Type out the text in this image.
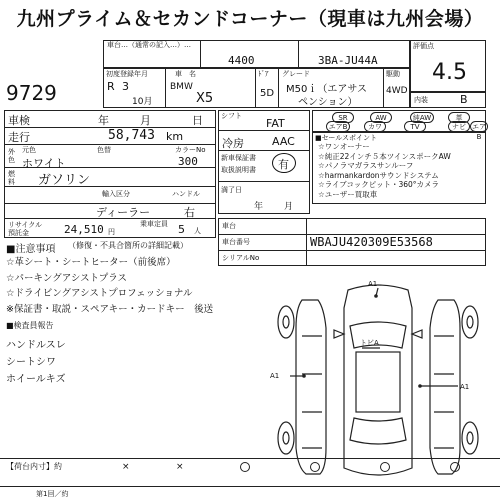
九州プライム＆セカンドコーナー（現車は九州会場）
車台…（通常の記入…）…
4400	3BA-JU44A
評価点
4.5
9729
初度登録年月
R 3
10月
車　名
BMW
X5
ﾄﾞｱ
5D
グレード
M50ｉ（エアサス
ペンション）
駆動
4WD
内装	B
車検	年	月	日
走行	58,743 km
外色
元色	色替
ホワイト
カラーNo
300
燃料 ガソリン
輸入区分	ハンドル
ディーラー	右
リサイクル預託金	24,510 円
乗車定員 5 人
シフト
FAT
冷房	AAC
新車保証書
取扱説明書 有
満了日
年 月
SR	AW	純AW	革
エアB	カワ	TV	ナビ エアB
■セールスポイント
☆ワンオーナー
☆純正22インチ５本ツインスポークAW
☆パノラマガラスサンルーフ
☆harmankardonサウンドシステム
☆ライブコックピット・360°カメラ
☆ユーザー買取車
車台
車台番号	WBAJU420309E53568
シリアルNo
■注意事項 （修復・不具合箇所の詳細記載）
☆革シート・シートヒーター（前後席）
☆パーキングアシストプラス
☆ドライビングアシストプロフェッショナル
※保証書・取説・スペアキー・カードキー　後送
■検査員報告
ハンドルスレ
シートシワ
ホイールキズ
A1
トビA
A1
A1
【荷台内寸】約	×	×
第1回／約
